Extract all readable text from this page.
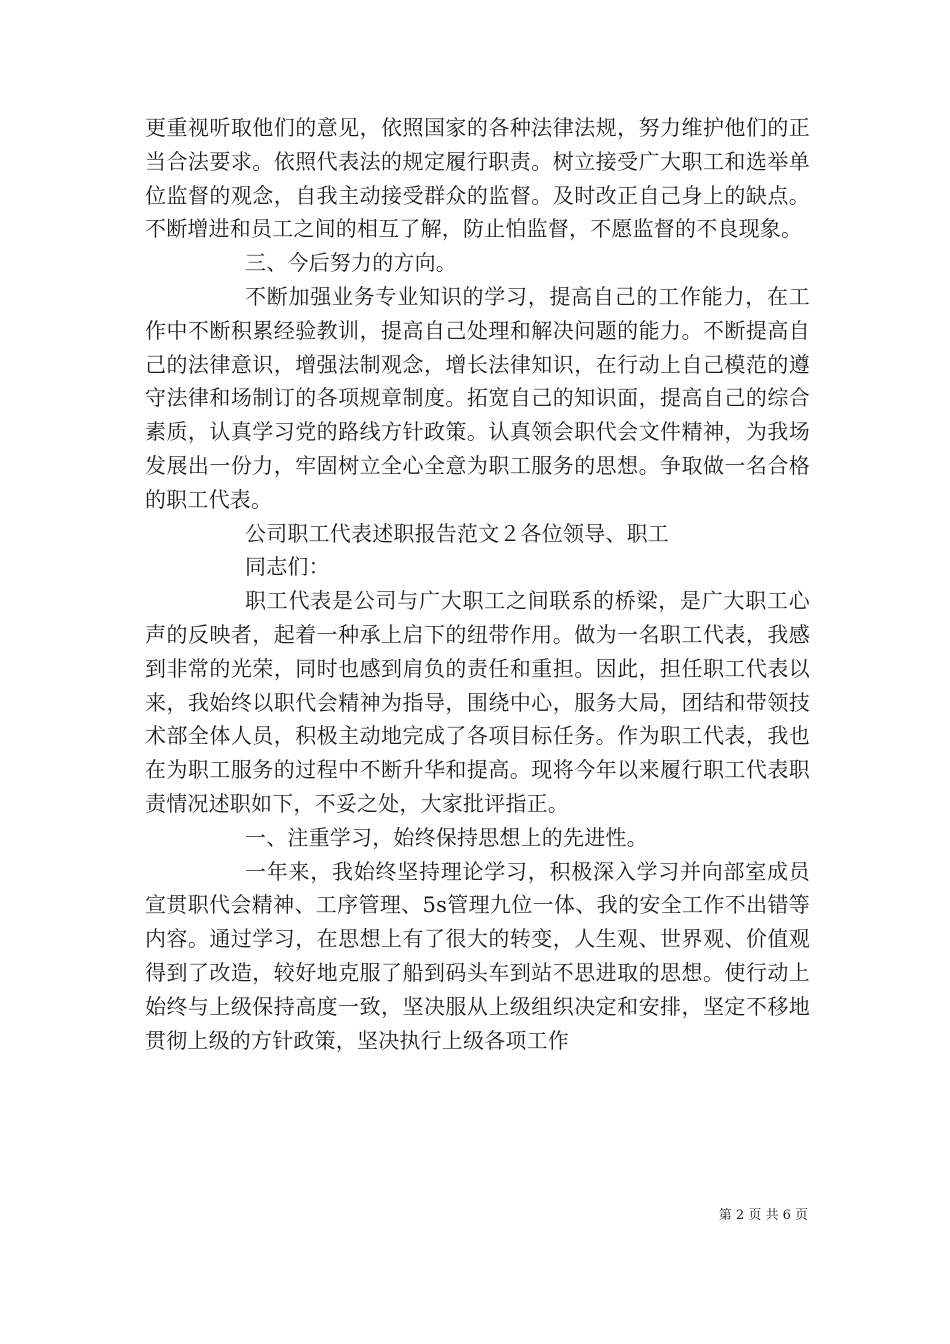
更重视听取他们的意见，依照国家的各种法律法规，努力维护他们的正当合法要求。依照代表法的规定履行职责。树立接受广大职工和选举单位监督的观念，自我主动接受群众的监督。及时改正自己身上的缺点。不断增进和员工之间的相互了解，防止怕监督，不愿监督的不良现象。

三、今后努力的方向。

不断加强业务专业知识的学习，提高自己的工作能力，在工作中不断积累经验教训，提高自己处理和解决问题的能力。不断提高自己的法律意识，增强法制观念，增长法律知识，在行动上自己模范的遵守法律和场制订的各项规章制度。拓宽自己的知识面，提高自己的综合素质，认真学习党的路线方针政策。认真领会职代会文件精神，为我场发展出一份力，牢固树立全心全意为职工服务的思想。争取做一名合格的职工代表。

公司职工代表述职报告范文２各位领导、职工

同志们：

职工代表是公司与广大职工之间联系的桥梁，是广大职工心声的反映者，起着一种承上启下的纽带作用。做为一名职工代表，我感到非常的光荣，同时也感到肩负的责任和重担。因此，担任职工代表以来，我始终以职代会精神为指导，围绕中心，服务大局，团结和带领技术部全体人员，积极主动地完成了各项目标任务。作为职工代表，我也在为职工服务的过程中不断升华和提高。现将今年以来履行职工代表职责情况述职如下，不妥之处，大家批评指正。

一、注重学习，始终保持思想上的先进性。

一年来，我始终坚持理论学习，积极深入学习并向部室成员宣贯职代会精神、工序管理、5s管理九位一体、我的安全工作不出错等内容。通过学习，在思想上有了很大的转变，人生观、世界观、价值观得到了改造，较好地克服了船到码头车到站不思进取的思想。使行动上始终与上级保持高度一致，坚决服从上级组织决定和安排，坚定不移地贯彻上级的方针政策，坚决执行上级各项工作

第 2 页 共 6 页
